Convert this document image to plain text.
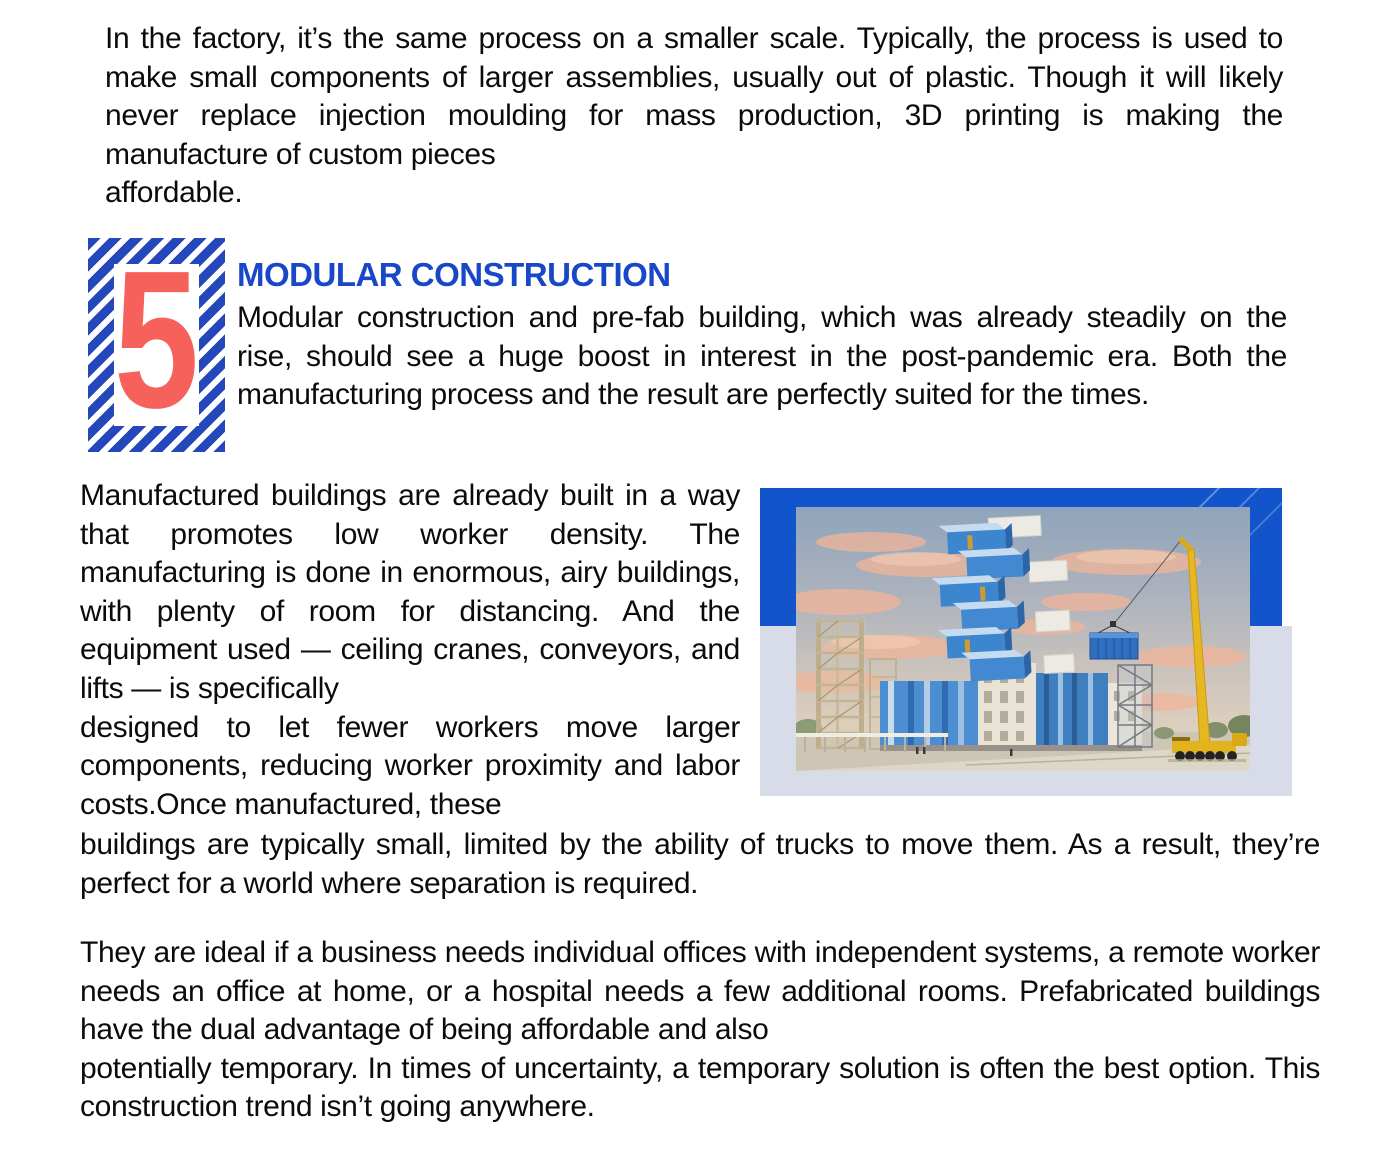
In the factory, it’s the same process on a smaller scale. Typically, the process is used to make small components of larger assemblies, usually out of plastic. Though it will likely never replace injection moulding for mass production, 3D printing is making the manufacture of custom pieces
affordable.
5 MODULAR CONSTRUCTION
Modular construction and pre-fab building, which was already steadily on the rise, should see a huge boost in interest in the post-pandemic era. Both the manufacturing process and the result are perfectly suited for the times.
Manufactured buildings are already built in a way that promotes low worker density. The manufacturing is done in enormous, airy buildings, with plenty of room for distancing. And the equipment used — ceiling cranes, conveyors, and lifts — is specifically
designed to let fewer workers move larger components, reducing worker proximity and labor costs.Once manufactured, these
buildings are typically small, limited by the ability of trucks to move them. As a result, they’re perfect for a world where separation is required.
They are ideal if a business needs individual offices with independent systems, a remote worker needs an office at home, or a hospital needs a few additional rooms. Prefabricated buildings have the dual advantage of being affordable and also
potentially temporary. In times of uncertainty, a temporary solution is often the best option. This construction trend isn’t going anywhere.
